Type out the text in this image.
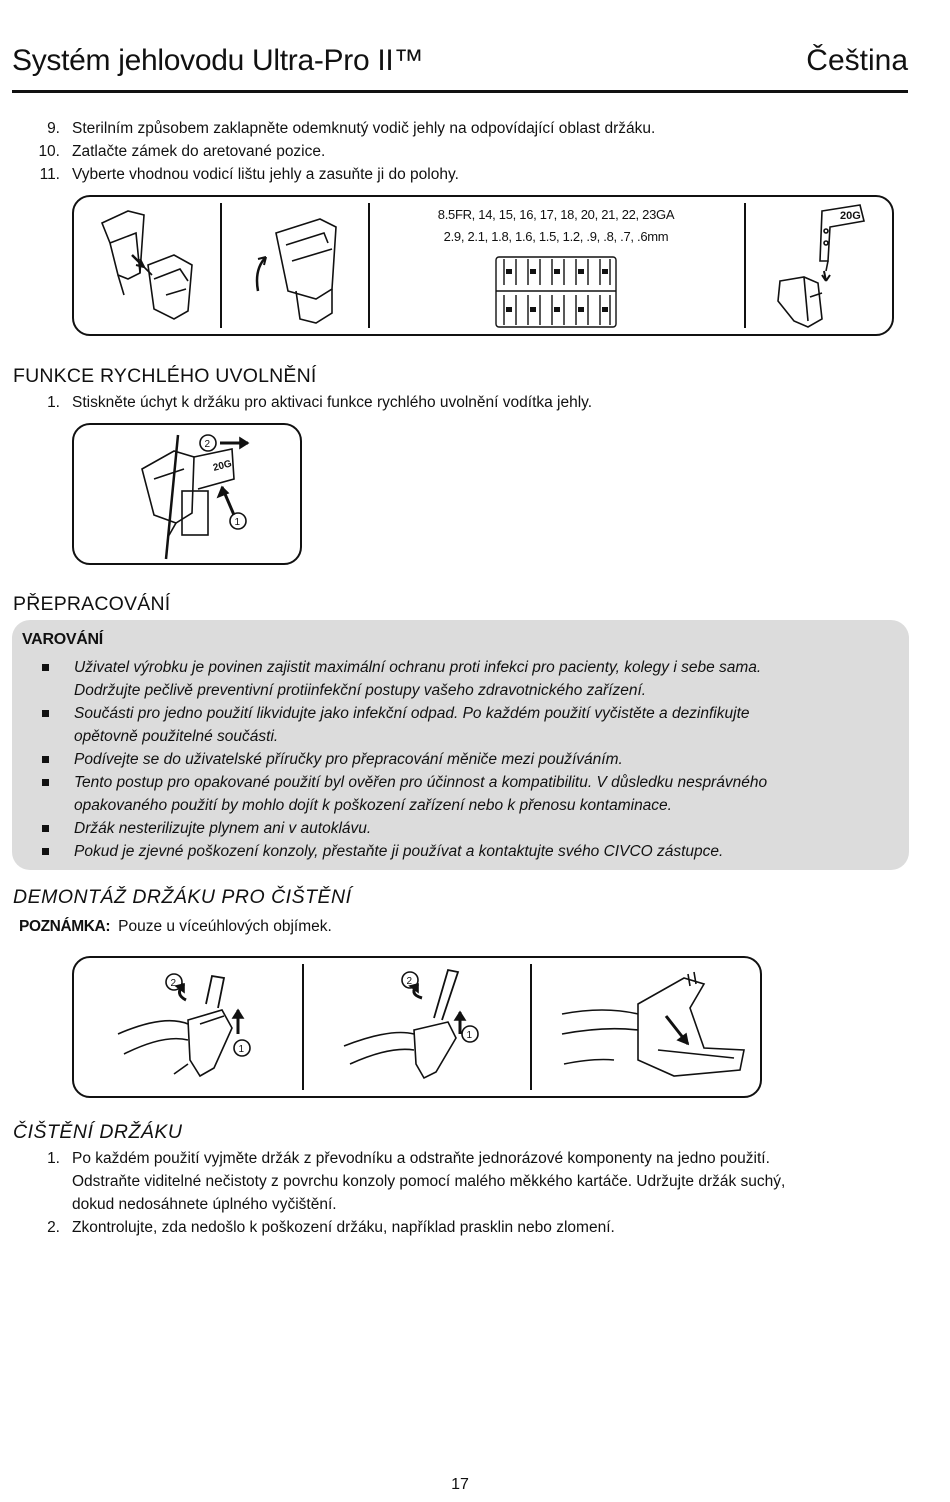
Systém jehlovodu Ultra-Pro II™	Čeština
9. Sterilním způsobem zaklapněte odemknutý vodič jehly na odpovídající oblast držáku.
10. Zatlačte zámek do aretované pozice.
11. Vyberte vhodnou vodicí lištu jehly a zasuňte ji do polohy.
8.5FR, 14, 15, 16, 17, 18, 20, 21, 22, 23GA
2.9, 2.1, 1.8, 1.6, 1.5, 1.2, .9, .8, .7, .6mm
20G
FUNKCE RYCHLÉHO UVOLNĚNÍ
1. Stiskněte úchyt k držáku pro aktivaci funkce rychlého uvolnění vodítka jehly.
2
1
20G
PŘEPRACOVÁNÍ
VAROVÁNÍ
Uživatel výrobku je povinen zajistit maximální ochranu proti infekci pro pacienty, kolegy i sebe sama.
Dodržujte pečlivě preventivní protiinfekční postupy vašeho zdravotnického zařízení.
Součásti pro jedno použití likvidujte jako infekční odpad. Po každém použití vyčistěte a dezinfikujte
opětovně použitelné součásti.
Podívejte se do uživatelské příručky pro přepracování měniče mezi používáním.
Tento postup pro opakované použití byl ověřen pro účinnost a kompatibilitu. V důsledku nesprávného
opakovaného použití by mohlo dojít k poškození zařízení nebo k přenosu kontaminace.
Držák nesterilizujte plynem ani v autoklávu.
Pokud je zjevné poškození konzoly, přestaňte ji používat a kontaktujte svého CIVCO zástupce.
DEMONTÁŽ DRŽÁKU PRO ČIŠTĚNÍ
POZNÁMKA: Pouze u víceúhlových objímek.
2
1
2
1
ČIŠTĚNÍ DRŽÁKU
1. Po každém použití vyjměte držák z převodníku a odstraňte jednorázové komponenty na jedno použití.
Odstraňte viditelné nečistoty z povrchu konzoly pomocí malého měkkého kartáče. Udržujte držák suchý,
dokud nedosáhnete úplného vyčištění.
2. Zkontrolujte, zda nedošlo k poškození držáku, například prasklin nebo zlomení.
17
